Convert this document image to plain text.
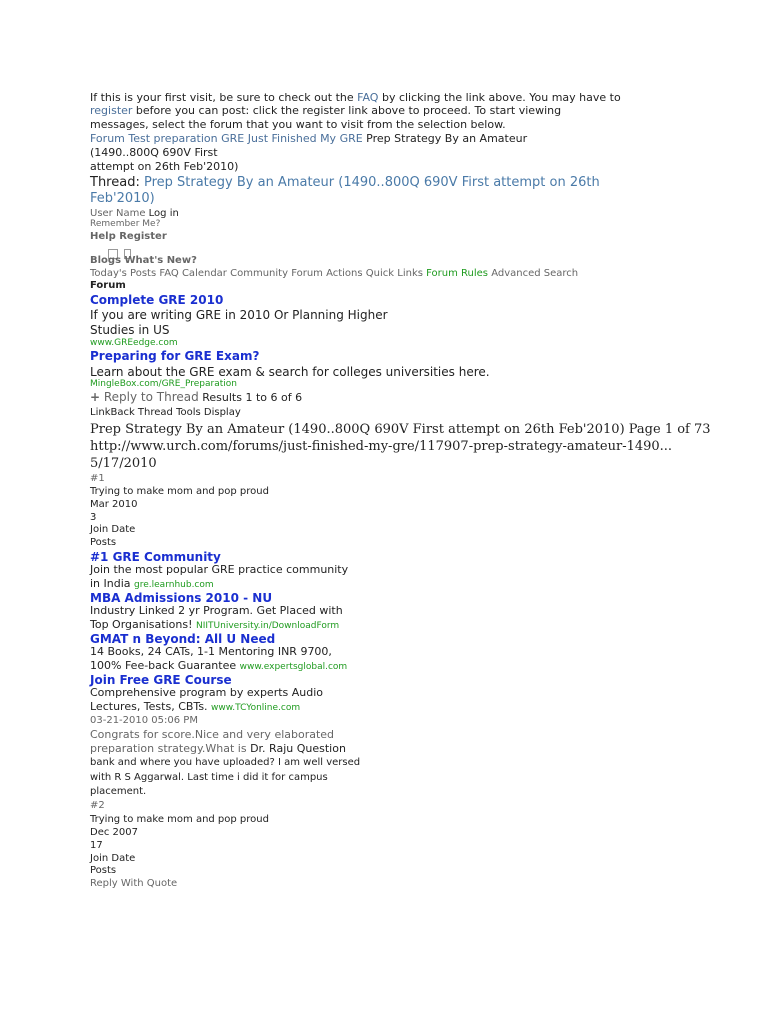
If this is your first visit, be sure to check out the FAQ by clicking the link above. You may have to
register before you can post: click the register link above to proceed. To start viewing
messages, select the forum that you want to visit from the selection below.
Forum Test preparation GRE Just Finished My GRE Prep Strategy By an Amateur
(1490..800Q 690V First
attempt on 26th Feb'2010)
Thread: Prep Strategy By an Amateur (1490..800Q 690V First attempt on 26th
Feb'2010)
User Name Log in
Remember Me?
Help Register
Blogs What's New?
Today's Posts FAQ Calendar Community Forum Actions Quick Links Forum Rules Advanced Search
Forum
Complete GRE 2010
If you are writing GRE in 2010 Or Planning Higher
Studies in US
www.GREedge.com
Preparing for GRE Exam?
Learn about the GRE exam & search for colleges universities here.
MingleBox.com/GRE_Preparation
+ Reply to Thread Results 1 to 6 of 6
LinkBack Thread Tools Display
Prep Strategy By an Amateur (1490..800Q 690V First attempt on 26th Feb'2010) Page 1 of 73
http://www.urch.com/forums/just-finished-my-gre/117907-prep-strategy-amateur-1490...
5/17/2010
#1
Trying to make mom and pop proud
Mar 2010
3
Join Date
Posts
#1 GRE Community
Join the most popular GRE practice community
in India gre.learnhub.com
MBA Admissions 2010 - NU
Industry Linked 2 yr Program. Get Placed with
Top Organisations! NIITUniversity.in/DownloadForm
GMAT n Beyond: All U Need
14 Books, 24 CATs, 1-1 Mentoring INR 9700,
100% Fee-back Guarantee www.expertsglobal.com
Join Free GRE Course
Comprehensive program by experts Audio
Lectures, Tests, CBTs. www.TCYonline.com
03-21-2010 05:06 PM
Congrats for score.Nice and very elaborated
preparation strategy.What is Dr. Raju Question
bank and where you have uploaded? I am well versed
with R S Aggarwal. Last time i did it for campus
placement.
#2
Trying to make mom and pop proud
Dec 2007
17
Join Date
Posts
Reply With Quote
